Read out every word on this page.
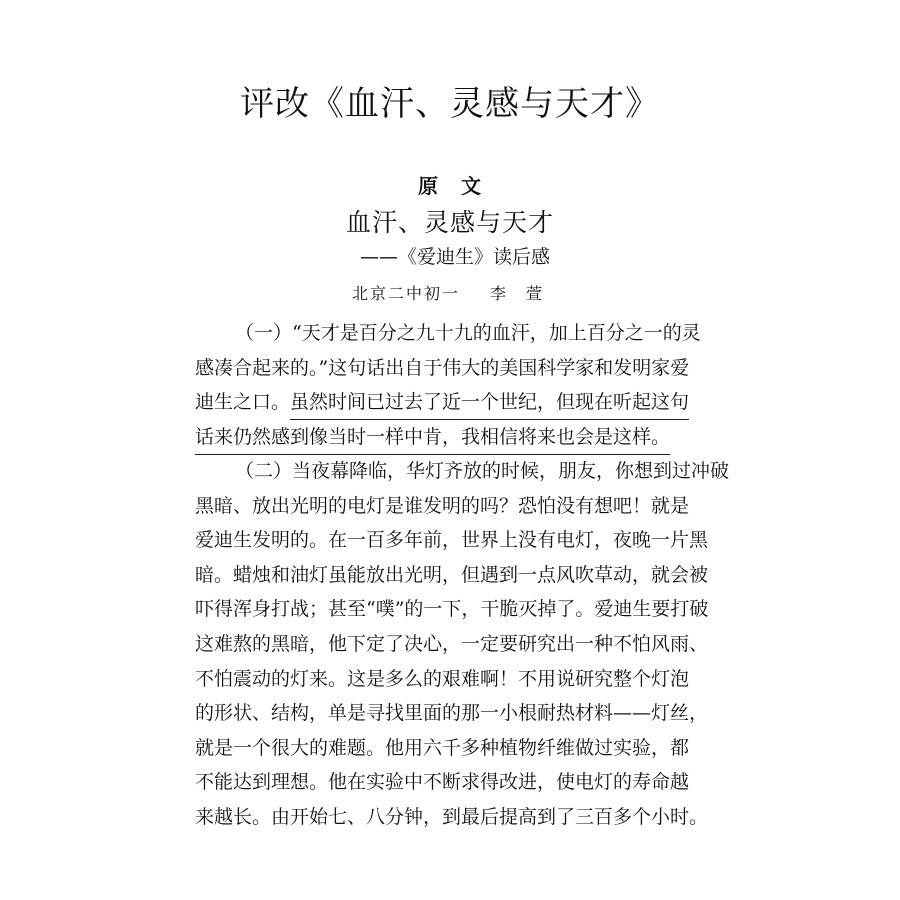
评改《血汗、灵感与天才》
原 文
血汗、灵感与天才
——《爱迪生》读后感
北京二中初一 李　萱
（一）“天才是百分之九十九的血汗，加上百分之一的灵
感凑合起来的。”这句话出自于伟大的美国科学家和发明家爱
迪生之口。虽然时间已过去了近一个世纪，但现在听起这句
话来仍然感到像当时一样中肯，我相信将来也会是这样。
（二）当夜幕降临，华灯齐放的时候，朋友，你想到过冲破
黑暗、放出光明的电灯是谁发明的吗？恐怕没有想吧！就是
爱迪生发明的。在一百多年前，世界上没有电灯，夜晚一片黑
暗。蜡烛和油灯虽能放出光明，但遇到一点风吹草动，就会被
吓得浑身打战；甚至“噗”的一下，干脆灭掉了。爱迪生要打破
这难熬的黑暗，他下定了决心，一定要研究出一种不怕风雨、
不怕震动的灯来。这是多么的艰难啊！不用说研究整个灯泡
的形状、结构，单是寻找里面的那一小根耐热材料——灯丝，
就是一个很大的难题。他用六千多种植物纤维做过实验，都
不能达到理想。他在实验中不断求得改进，使电灯的寿命越
来越长。由开始七、八分钟，到最后提高到了三百多个小时。
